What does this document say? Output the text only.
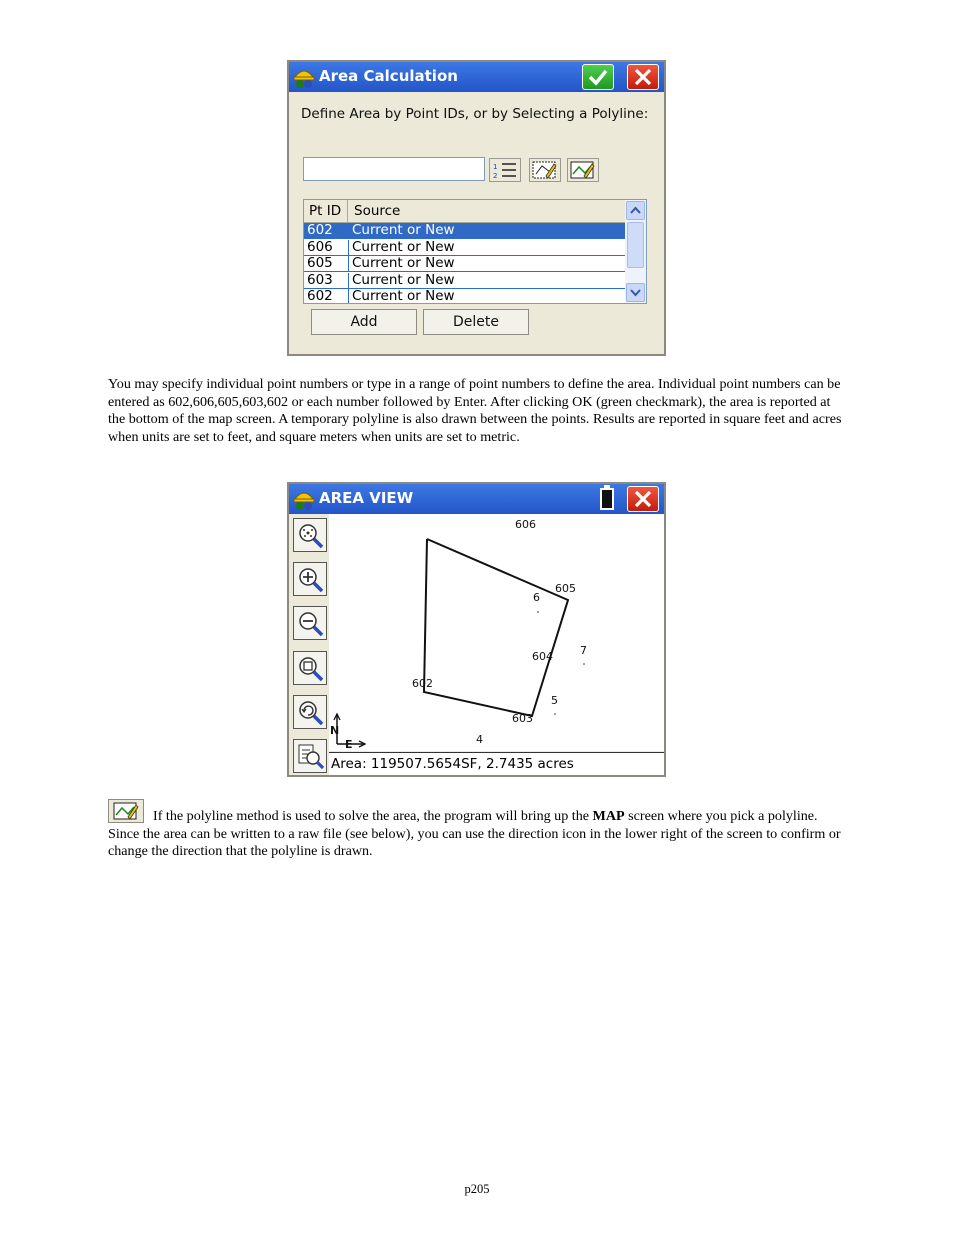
Area Calculation
Define Area by Point IDs, or by Selecting a Polyline:
1
2
Pt ID Source
602 Current or New
606 Current or New
605 Current or New
603 Current or New
602 Current or New
Add	Delete
You may specify individual point numbers or type in a range of point numbers to define the area. Individual point numbers can be entered as 602,606,605,603,602 or each number followed by Enter. After clicking OK (green checkmark), the area is reported at the bottom of the map screen. A temporary polyline is also drawn between the points. Results are reported in square feet and acres when units are set to feet, and square meters when units are set to metric.
AREA VIEW
606
605
6
7
604
602
5
603
4
N
E
Area: 119507.5654SF, 2.7435 acres
If the polyline method is used to solve the area, the program will bring up the MAP screen where you pick a polyline. Since the area can be written to a raw file (see below), you can use the direction icon in the lower right of the screen to confirm or change the direction that the polyline is drawn.
p205
